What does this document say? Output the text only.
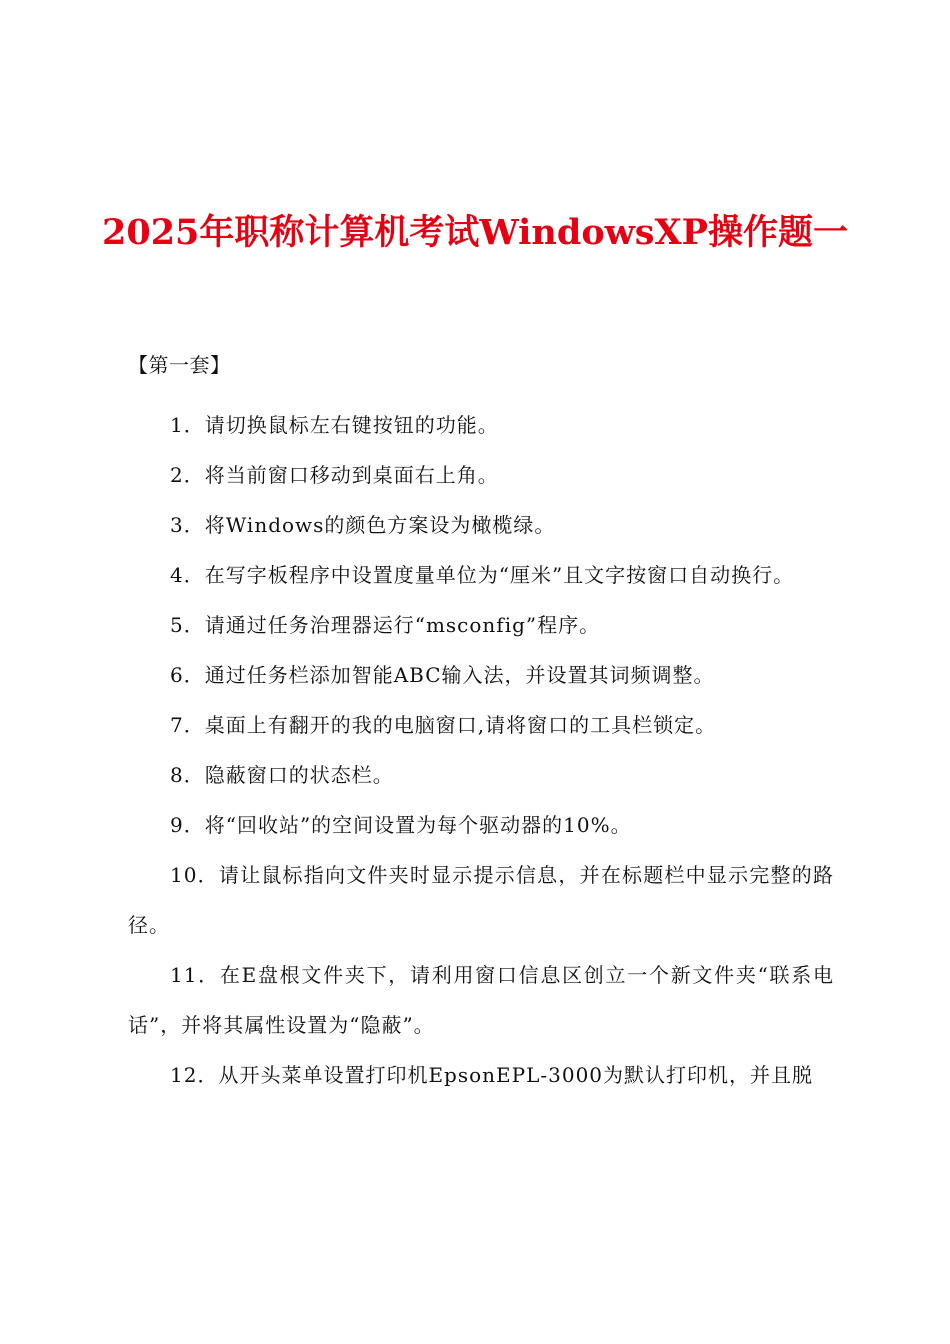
2025年职称计算机考试WindowsXP操作题一
【第一套】

1．请切换鼠标左右键按钮的功能。

2．将当前窗口移动到桌面右上角。

3．将Windows的颜色方案设为橄榄绿。

4．在写字板程序中设置度量单位为“厘米”且文字按窗口自动换行。

5．请通过任务治理器运行“msconfig”程序。

6．通过任务栏添加智能ABC输入法，并设置其词频调整。

7．桌面上有翻开的我的电脑窗口,请将窗口的工具栏锁定。

8．隐蔽窗口的状态栏。

9．将“回收站”的空间设置为每个驱动器的10%。

10．请让鼠标指向文件夹时显示提示信息，并在标题栏中显示完整的路径。

11．在E盘根文件夹下，请利用窗口信息区创立一个新文件夹“联系电话”，并将其属性设置为“隐蔽”。

12．从开头菜单设置打印机EpsonEPL-3000为默认打印机，并且脱
